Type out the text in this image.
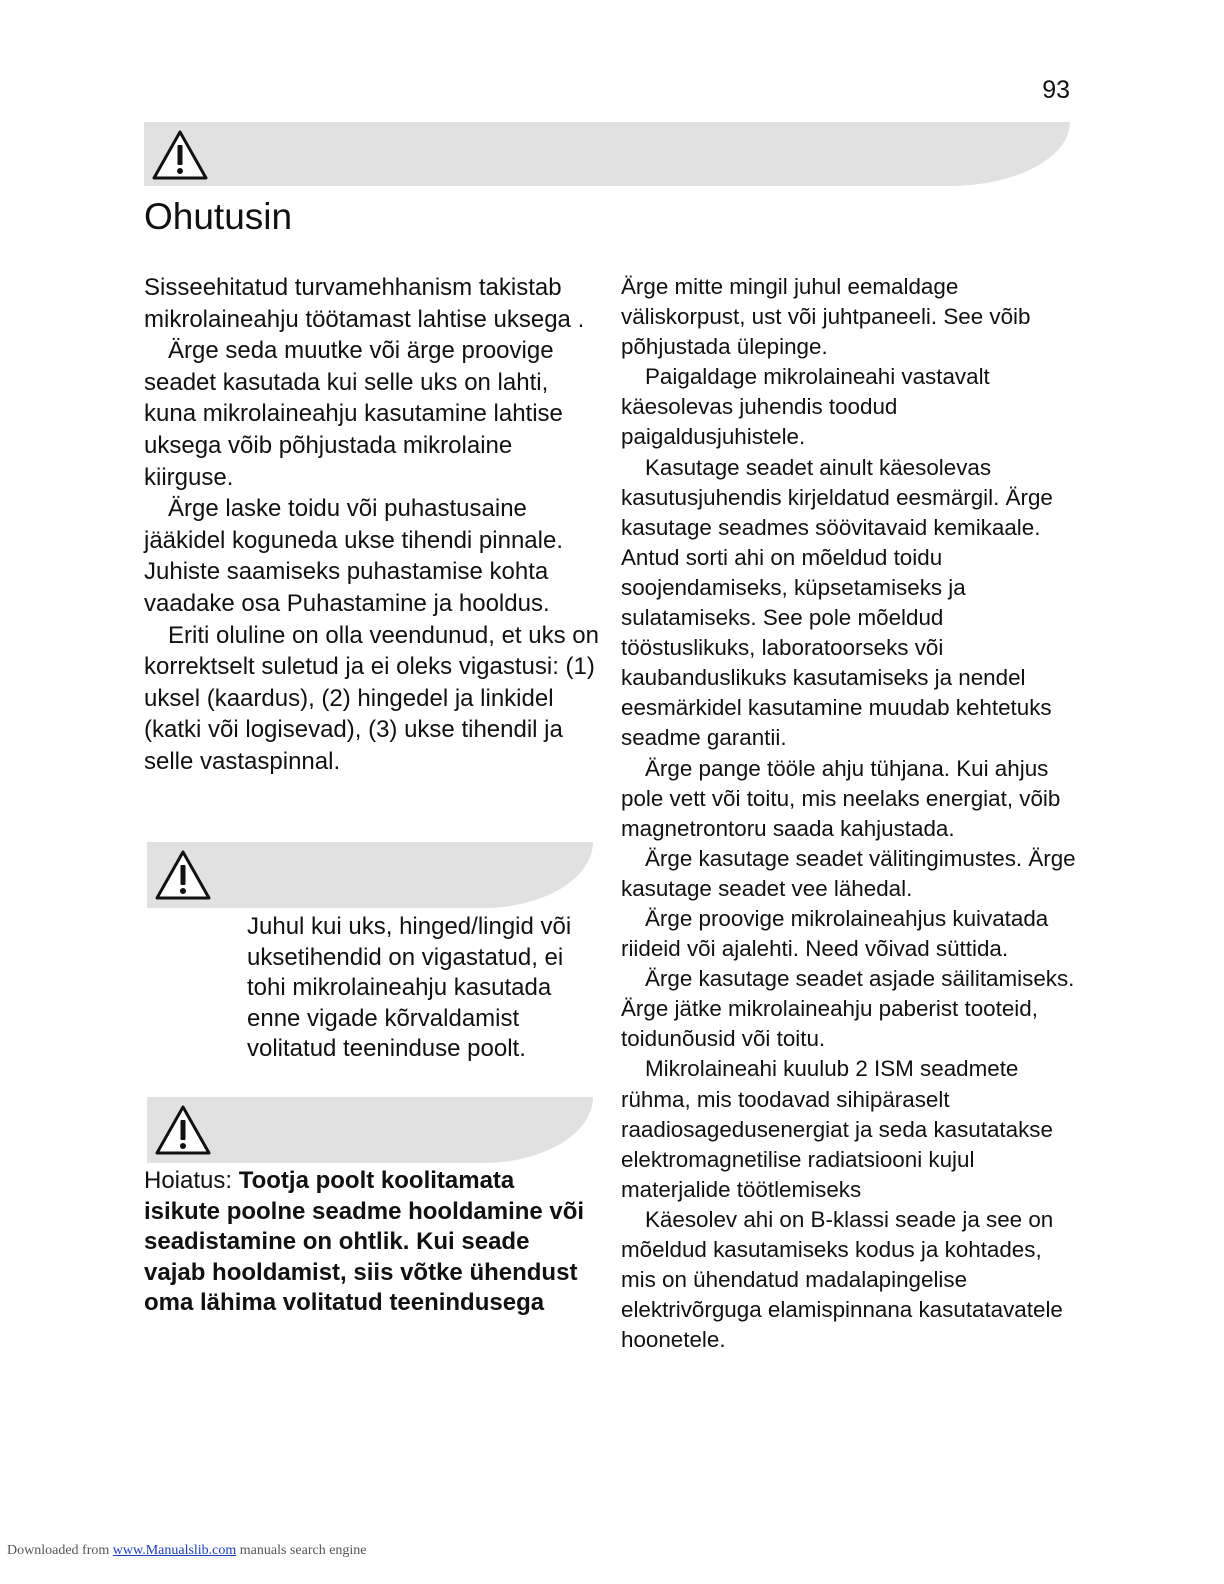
93
Ohutusin

Sisseehitatud turvamehhanism takistab mikrolaineahju töötamast lahtise uksega .

Ärge seda muutke või ärge proovige seadet kasutada kui selle uks on lahti, kuna mikrolaineahju kasutamine lahtise uksega võib põhjustada mikrolaine kiirguse.

Ärge laske toidu või puhastusaine jääkidel koguneda ukse tihendi pinnale. Juhiste saamiseks puhastamise kohta vaadake osa Puhastamine ja hooldus.

Eriti oluline on olla veendunud, et uks on korrektselt suletud ja ei oleks vigastusi: (1) uksel (kaardus), (2) hingedel ja linkidel (katki või logisevad), (3) ukse tihendil ja selle vastaspinnal.

Juhul kui uks, hinged/lingid või uksetihendid on vigastatud, ei tohi mikrolaineahju kasutada enne vigade kõrvaldamist volitatud teeninduse poolt.
Hoiatus: Tootja poolt koolitamata isikute poolne seadme hooldamine või seadistamine on ohtlik. Kui seade vajab hooldamist, siis võtke ühendust oma lähima volitatud teenindusega

Ärge mitte mingil juhul eemaldage väliskorpust, ust või juhtpaneeli. See võib põhjustada ülepinge.

Paigaldage mikrolaineahi vastavalt käesolevas juhendis toodud paigaldusjuhistele.

Kasutage seadet ainult käesolevas kasutusjuhendis kirjeldatud eesmärgil. Ärge kasutage seadmes söövitavaid kemikaale. Antud sorti ahi on mõeldud toidu soojendamiseks, küpsetamiseks ja sulatamiseks. See pole mõeldud tööstuslikuks, laboratoorseks või kaubanduslikuks kasutamiseks ja nendel eesmärkidel kasutamine muudab kehtetuks seadme garantii.

Ärge pange tööle ahju tühjana. Kui ahjus pole vett või toitu, mis neelaks energiat, võib magnetrontoru saada kahjustada.

Ärge kasutage seadet välitingimustes. Ärge kasutage seadet vee lähedal.

Ärge proovige mikrolaineahjus kuivatada riideid või ajalehti. Need võivad süttida.

Ärge kasutage seadet asjade säilitamiseks. Ärge jätke mikrolaineahju paberist tooteid, toidunõusid või toitu.

Mikrolaineahi kuulub 2 ISM seadmete rühma, mis toodavad sihipäraselt raadiosagedusenergiat ja seda kasutatakse elektromagnetilise radiatsiooni kujul materjalide töötlemiseks

Käesolev ahi on B-klassi seade ja see on mõeldud kasutamiseks kodus ja kohtades, mis on ühendatud madalapingelise elektrivõrguga elamispinnana kasutatavatele hoonetele.

Downloaded from www.Manualslib.com manuals search engine
